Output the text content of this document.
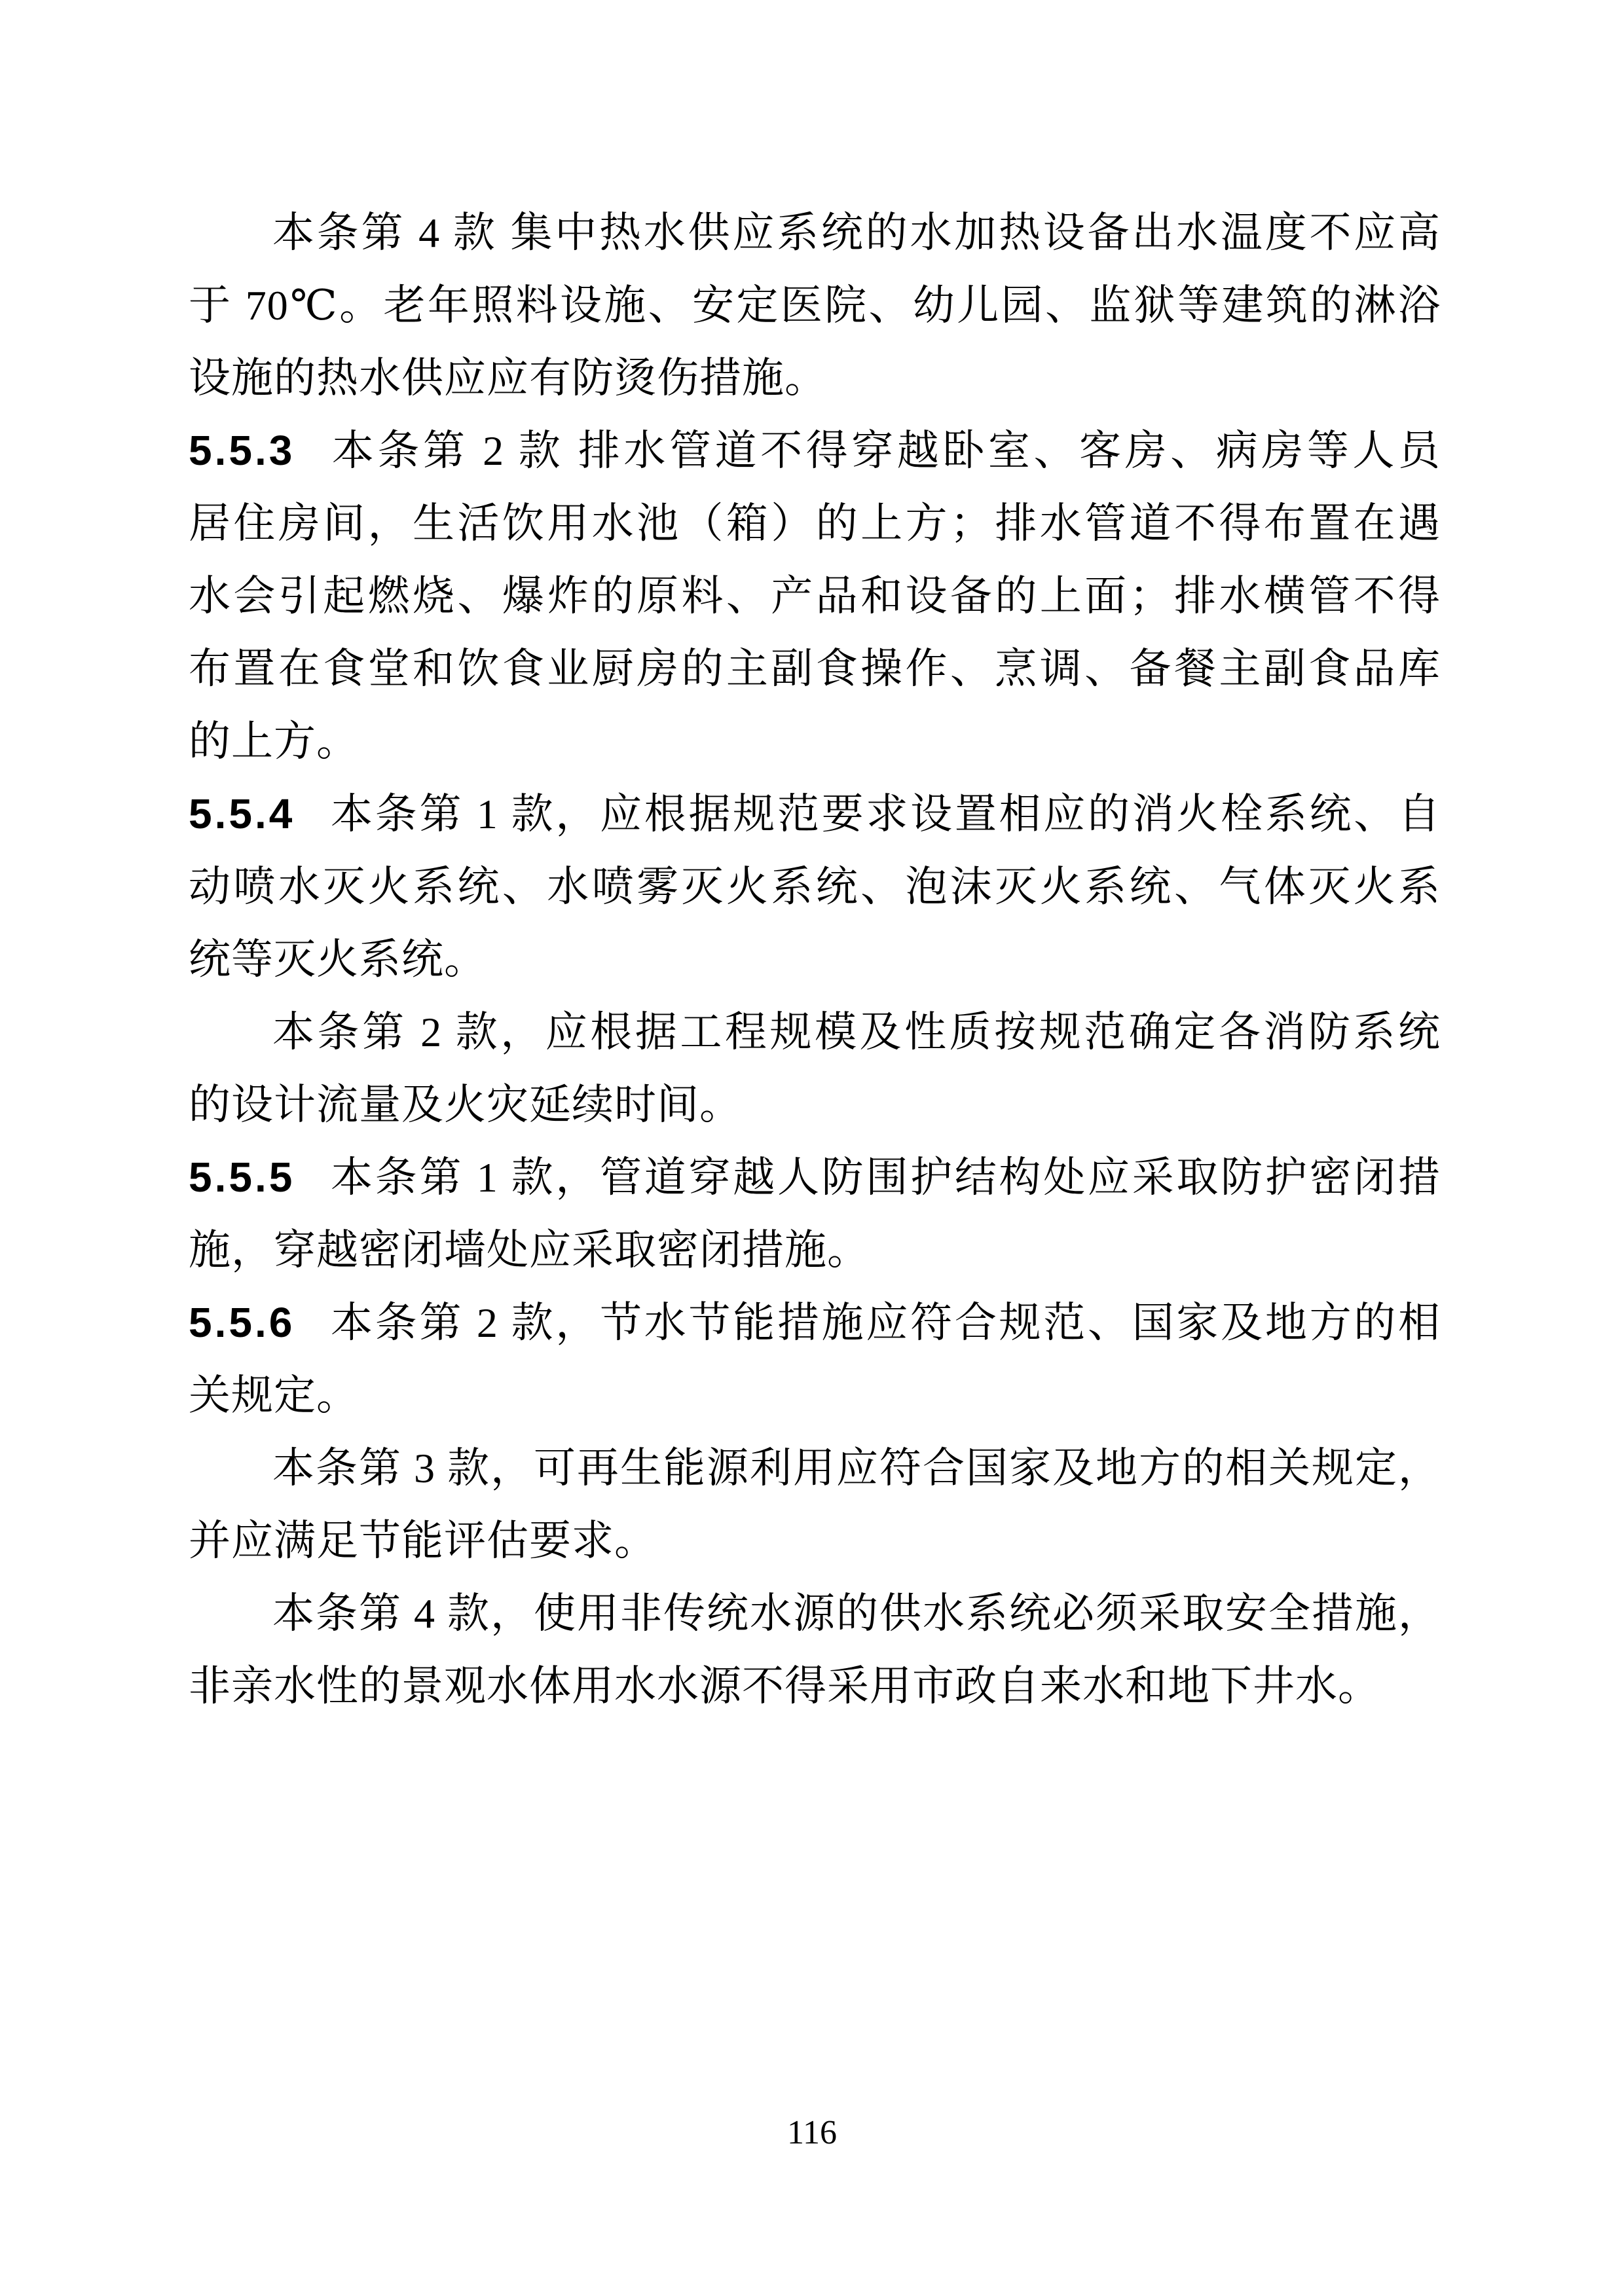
本条第 4 款 集中热水供应系统的水加热设备出水温度不应高
于 70℃。老年照料设施、安定医院、幼儿园、监狱等建筑的淋浴
设施的热水供应应有防烫伤措施。
5.5.3 本条第 2 款 排水管道不得穿越卧室、客房、病房等人员
居住房间，生活饮用水池（箱）的上方；排水管道不得布置在遇
水会引起燃烧、爆炸的原料、产品和设备的上面；排水横管不得
布置在食堂和饮食业厨房的主副食操作、烹调、备餐主副食品库
的上方。
5.5.4 本条第 1 款，应根据规范要求设置相应的消火栓系统、自
动喷水灭火系统、水喷雾灭火系统、泡沫灭火系统、气体灭火系
统等灭火系统。
本条第 2 款，应根据工程规模及性质按规范确定各消防系统
的设计流量及火灾延续时间。
5.5.5 本条第 1 款，管道穿越人防围护结构处应采取防护密闭措
施，穿越密闭墙处应采取密闭措施。
5.5.6 本条第 2 款，节水节能措施应符合规范、国家及地方的相
关规定。
本条第 3 款，可再生能源利用应符合国家及地方的相关规定，
并应满足节能评估要求。
本条第 4 款，使用非传统水源的供水系统必须采取安全措施，
非亲水性的景观水体用水水源不得采用市政自来水和地下井水。
116
